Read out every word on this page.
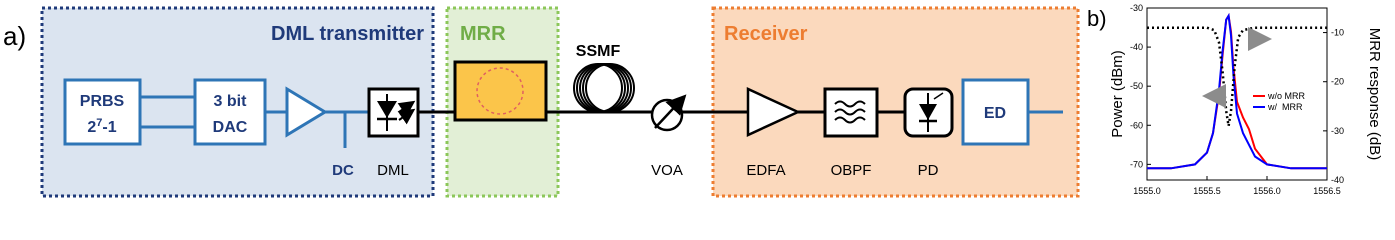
a)	DML transmitter MRR	Receiver
PRBS
$2^7-1$
3 bit
DAC
DC DML
SSMF
VOA	EDFA	OBPF	PD
ED
b)
1555.0	1555.5	1556.0	1556.5
-30
-40
-50
-60
-70
-10
-20
-30
-40
w/o MRR
w/  MRR
Power (dBm)	MRR response (dB)
